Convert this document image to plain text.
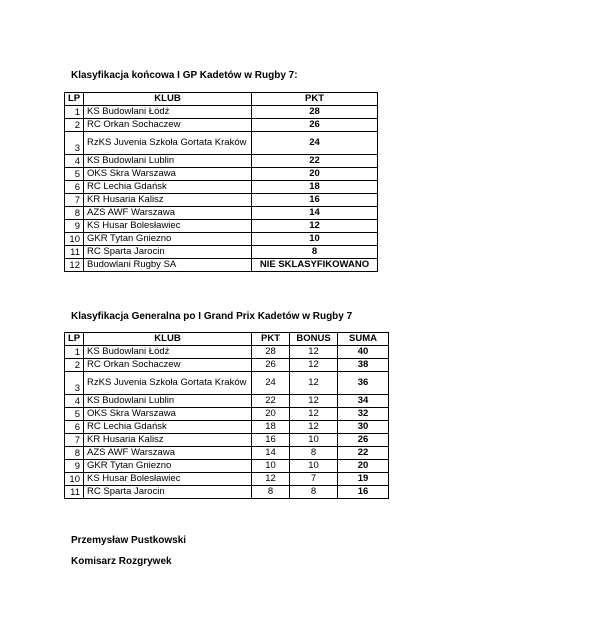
Klasyfikacja końcowa I GP Kadetów w Rugby 7:
LP	KLUB	PKT
1	KS Budowlani Łódź	28
2	RC Orkan Sochaczew	26
3	RzKS Juvenia Szkoła Gortata Kraków	24
4	KS Budowlani Lublin	22
5	OKS Skra Warszawa	20
6	RC Lechia Gdańsk	18
7	KR Husaria Kalisz	16
8	AZS AWF Warszawa	14
9	KS Husar Bolesławiec	12
10	GKR Tytan Gniezno	10
11	RC Sparta Jarocin	8
12	Budowlani Rugby SA	NIE SKLASYFIKOWANO
Klasyfikacja Generalna po I Grand Prix Kadetów w Rugby 7
LP	KLUB	PKT	BONUS	SUMA
1	KS Budowlani Łódź	28	12	40
2	RC Orkan Sochaczew	26	12	38
3	RzKS Juvenia Szkoła Gortata Kraków	24	12	36
4	KS Budowlani Lublin	22	12	34
5	OKS Skra Warszawa	20	12	32
6	RC Lechia Gdańsk	18	12	30
7	KR Husaria Kalisz	16	10	26
8	AZS AWF Warszawa	14	8	22
9	GKR Tytan Gniezno	10	10	20
10	KS Husar Bolesławiec	12	7	19
11	RC Sparta Jarocin	8	8	16
Przemysław Pustkowski
Komisarz Rozgrywek
